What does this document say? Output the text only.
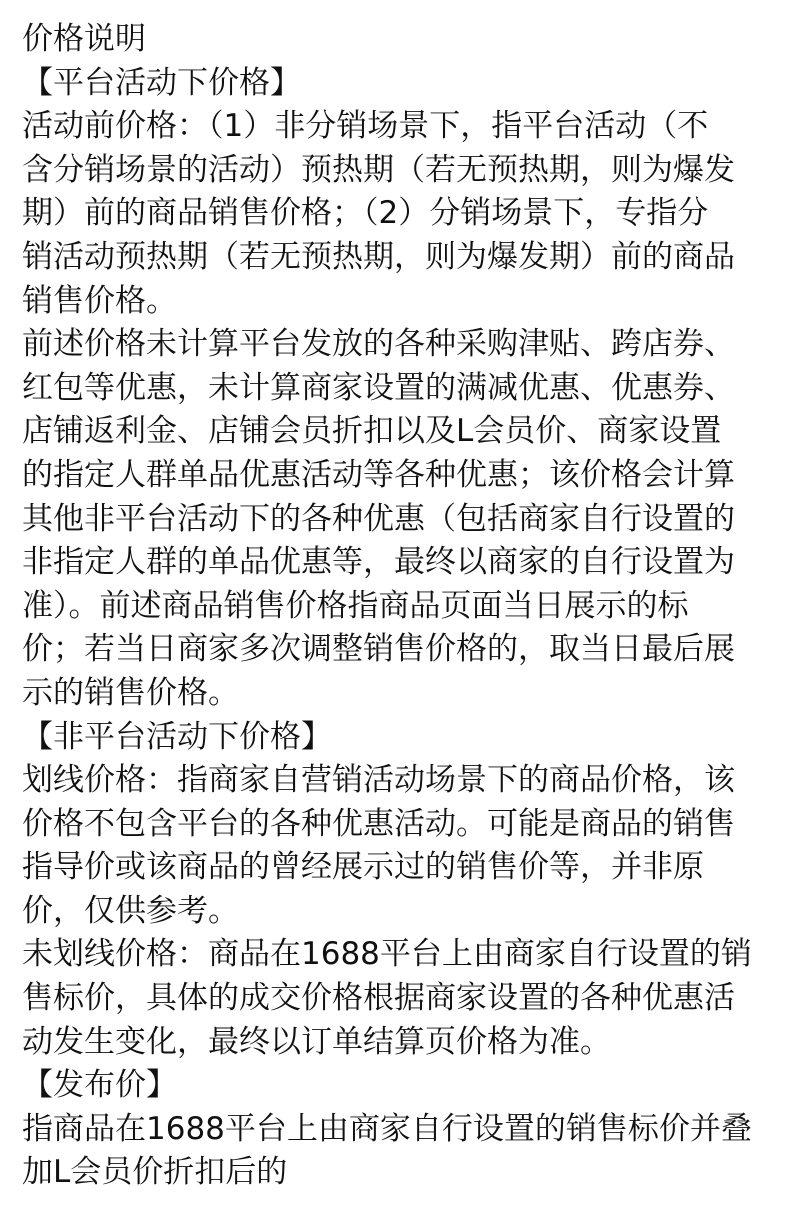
价格说明
【平台活动下价格】
活动前价格：（1）非分销场景下，指平台活动（不
含分销场景的活动）预热期（若无预热期，则为爆发
期）前的商品销售价格；（2）分销场景下，专指分
销活动预热期（若无预热期，则为爆发期）前的商品
销售价格。
前述价格未计算平台发放的各种采购津贴、跨店券、
红包等优惠，未计算商家设置的满减优惠、优惠券、
店铺返利金、店铺会员折扣以及L会员价、商家设置
的指定人群单品优惠活动等各种优惠；该价格会计算
其他非平台活动下的各种优惠（包括商家自行设置的
非指定人群的单品优惠等，最终以商家的自行设置为
准）。前述商品销售价格指商品页面当日展示的标
价；若当日商家多次调整销售价格的，取当日最后展
示的销售价格。
【非平台活动下价格】
划线价格：指商家自营销活动场景下的商品价格，该
价格不包含平台的各种优惠活动。可能是商品的销售
指导价或该商品的曾经展示过的销售价等，并非原
价，仅供参考。
未划线价格：商品在1688平台上由商家自行设置的销
售标价，具体的成交价格根据商家设置的各种优惠活
动发生变化，最终以订单结算页价格为准。
【发布价】
指商品在1688平台上由商家自行设置的销售标价并叠
加L会员价折扣后的
